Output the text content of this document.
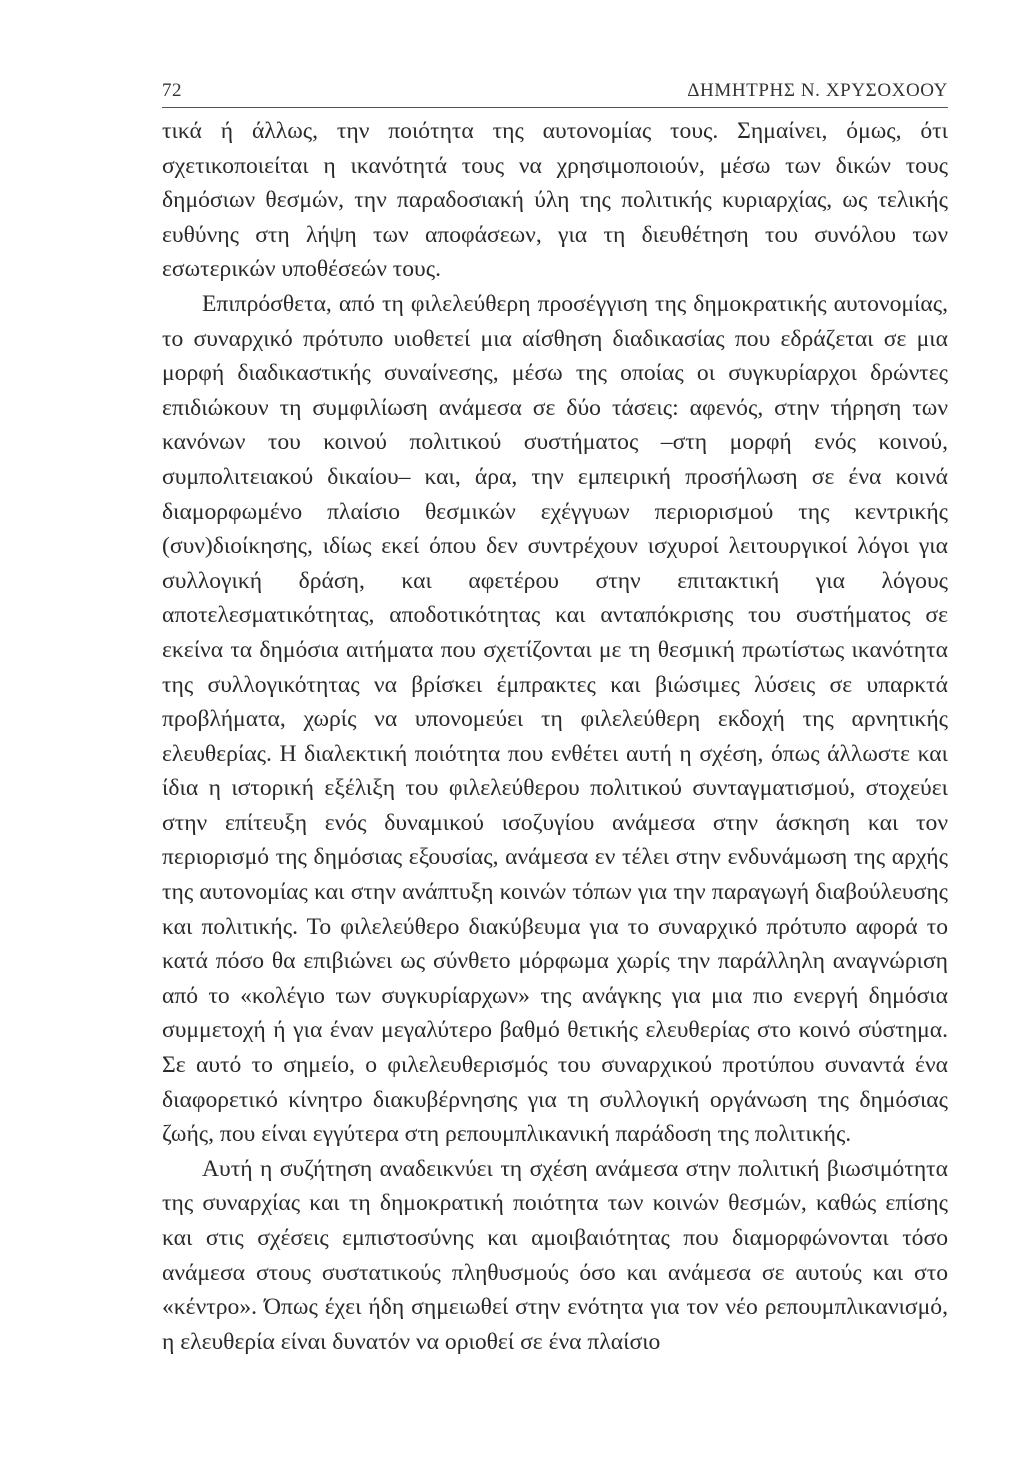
72	ΔΗΜΗΤΡΗΣ Ν. ΧΡΥΣΟΧΟΟΥ

τικά ή άλλως, την ποιότητα της αυτονομίας τους. Σημαίνει, όμως, ότι σχετικοποιείται η ικανότητά τους να χρησιμοποιούν, μέσω των δικών τους δημόσιων θεσμών, την παραδοσιακή ύλη της πολιτικής κυριαρχίας, ως τελικής ευθύνης στη λήψη των αποφάσεων, για τη διευθέτηση του συνόλου των εσωτερικών υποθέσεών τους.

Επιπρόσθετα, από τη φιλελεύθερη προσέγγιση της δημοκρατικής αυτονομίας, το συναρχικό πρότυπο υιοθετεί μια αίσθηση διαδικασίας που εδράζεται σε μια μορφή διαδικαστικής συναίνεσης, μέσω της οποίας οι συγκυρίαρχοι δρώντες επιδιώκουν τη συμφιλίωση ανάμεσα σε δύο τάσεις: αφενός, στην τήρηση των κανόνων του κοινού πολιτικού συστήματος –στη μορφή ενός κοινού, συμπολιτειακού δικαίου– και, άρα, την εμπειρική προσήλωση σε ένα κοινά διαμορφωμένο πλαίσιο θεσμικών εχέγγυων περιορισμού της κεντρικής (συν)διοίκησης, ιδίως εκεί όπου δεν συντρέχουν ισχυροί λειτουργικοί λόγοι για συλλογική δράση, και αφετέρου στην επιτακτική για λόγους αποτελεσματικότητας, αποδοτικότητας και ανταπόκρισης του συστήματος σε εκείνα τα δημόσια αιτήματα που σχετίζονται με τη θεσμική πρωτίστως ικανότητα της συλλογικότητας να βρίσκει έμπρακτες και βιώσιμες λύσεις σε υπαρκτά προβλήματα, χωρίς να υπονομεύει τη φιλελεύθερη εκδοχή της αρνητικής ελευθερίας. Η διαλεκτική ποιότητα που ενθέτει αυτή η σχέση, όπως άλλωστε και ίδια η ιστορική εξέλιξη του φιλελεύθερου πολιτικού συνταγματισμού, στοχεύει στην επίτευξη ενός δυναμικού ισοζυγίου ανάμεσα στην άσκηση και τον περιορισμό της δημόσιας εξουσίας, ανάμεσα εν τέλει στην ενδυνάμωση της αρχής της αυτονομίας και στην ανάπτυξη κοινών τόπων για την παραγωγή διαβούλευσης και πολιτικής. Το φιλελεύθερο διακύβευμα για το συναρχικό πρότυπο αφορά το κατά πόσο θα επιβιώνει ως σύνθετο μόρφωμα χωρίς την παράλληλη αναγνώριση από το «κολέγιο των συγκυρίαρχων» της ανάγκης για μια πιο ενεργή δημόσια συμμετοχή ή για έναν μεγαλύτερο βαθμό θετικής ελευθερίας στο κοινό σύστημα. Σε αυτό το σημείο, ο φιλελευθερισμός του συναρχικού προτύπου συναντά ένα διαφορετικό κίνητρο διακυβέρνησης για τη συλλογική οργάνωση της δημόσιας ζωής, που είναι εγγύτερα στη ρεπουμπλικανική παράδοση της πολιτικής.

Αυτή η συζήτηση αναδεικνύει τη σχέση ανάμεσα στην πολιτική βιωσιμότητα της συναρχίας και τη δημοκρατική ποιότητα των κοινών θεσμών, καθώς επίσης και στις σχέσεις εμπιστοσύνης και αμοιβαιότητας που διαμορφώνονται τόσο ανάμεσα στους συστατικούς πληθυσμούς όσο και ανάμεσα σε αυτούς και στο «κέντρο». Όπως έχει ήδη σημειωθεί στην ενότητα για τον νέο ρεπουμπλικανισμό, η ελευθερία είναι δυνατόν να οριοθεί σε ένα πλαίσιο
